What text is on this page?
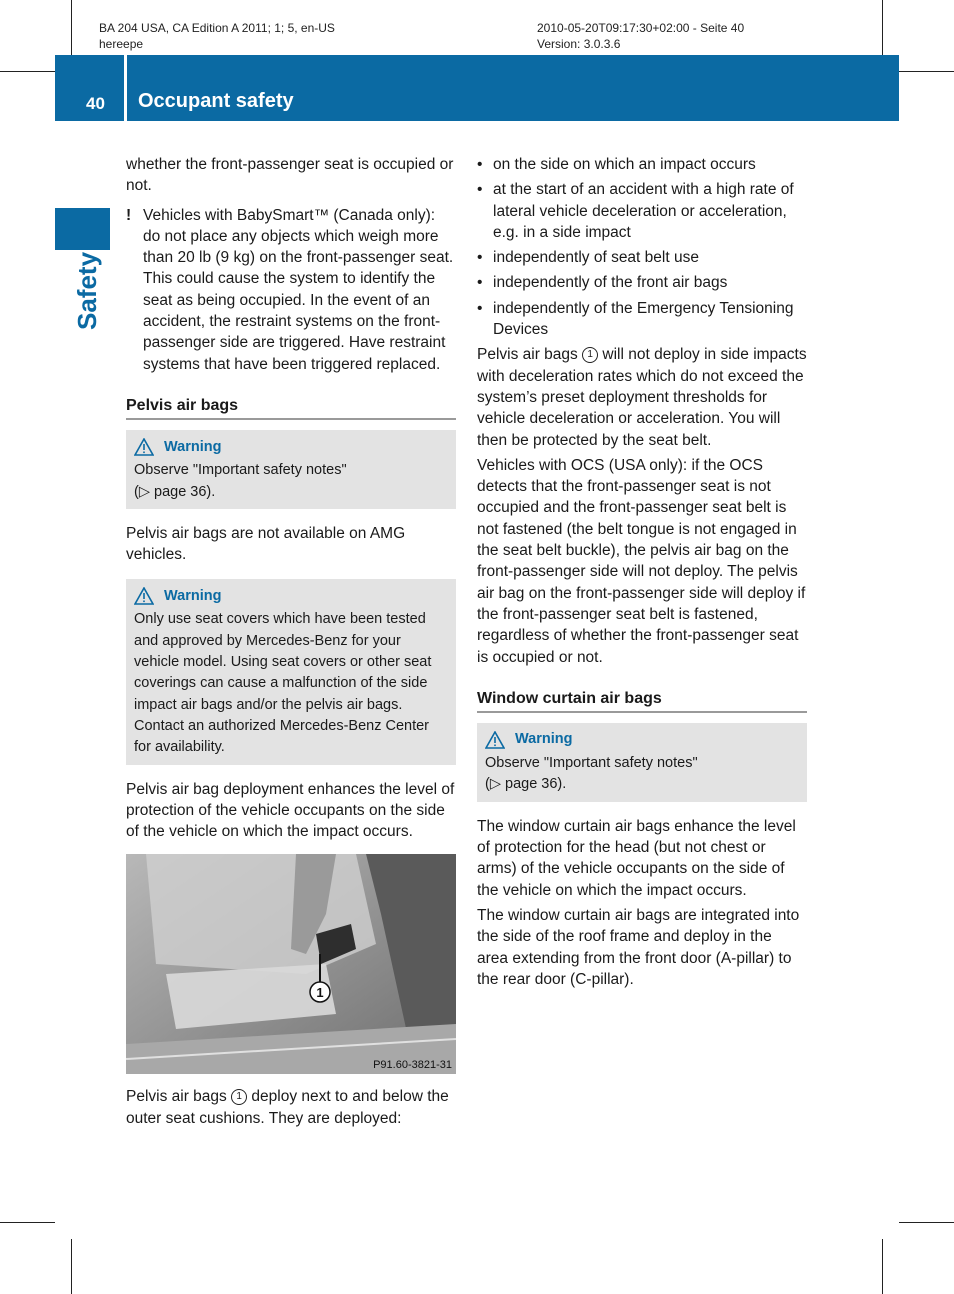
BA 204 USA, CA Edition A 2011; 1; 5, en-US
hereepe
2010-05-20T09:17:30+02:00 - Seite 40
Version: 3.0.3.6
40 Occupant safety
Safety

whether the front-passenger seat is occupied or not.

! Vehicles with BabySmart™ (Canada only): do not place any objects which weigh more than 20 lb (9 kg) on the front-passenger seat. This could cause the system to identify the seat as being occupied. In the event of an accident, the restraint systems on the front-passenger side are triggered. Have restraint systems that have been triggered replaced.
Pelvis air bags
Warning
Observe "Important safety notes"
(▷ page 36).

Pelvis air bags are not available on AMG vehicles.

Warning
Only use seat covers which have been tested and approved by Mercedes-Benz for your vehicle model. Using seat covers or other seat coverings can cause a malfunction of the side impact air bags and/or the pelvis air bags. Contact an authorized Mercedes-Benz Center for availability.

Pelvis air bag deployment enhances the level of protection of the vehicle occupants on the side of the vehicle on which the impact occurs.

1
P91.60-3821-31

Pelvis air bags 1 deploy next to and below the outer seat cushions. They are deployed:

• on the side on which an impact occurs
• at the start of an accident with a high rate of lateral vehicle deceleration or acceleration, e.g. in a side impact
• independently of seat belt use
• independently of the front air bags
• independently of the Emergency Tensioning Devices

Pelvis air bags 1 will not deploy in side impacts with deceleration rates which do not exceed the system’s preset deployment thresholds for vehicle deceleration or acceleration. You will then be protected by the seat belt.

Vehicles with OCS (USA only): if the OCS detects that the front-passenger seat is not occupied and the front-passenger seat belt is not fastened (the belt tongue is not engaged in the seat belt buckle), the pelvis air bag on the front-passenger side will not deploy. The pelvis air bag on the front-passenger side will deploy if the front-passenger seat belt is fastened, regardless of whether the front-passenger seat is occupied or not.

Window curtain air bags
Warning
Observe "Important safety notes"
(▷ page 36).

The window curtain air bags enhance the level of protection for the head (but not chest or arms) of the vehicle occupants on the side of the vehicle on which the impact occurs.

The window curtain air bags are integrated into the side of the roof frame and deploy in the area extending from the front door (A-pillar) to the rear door (C-pillar).
